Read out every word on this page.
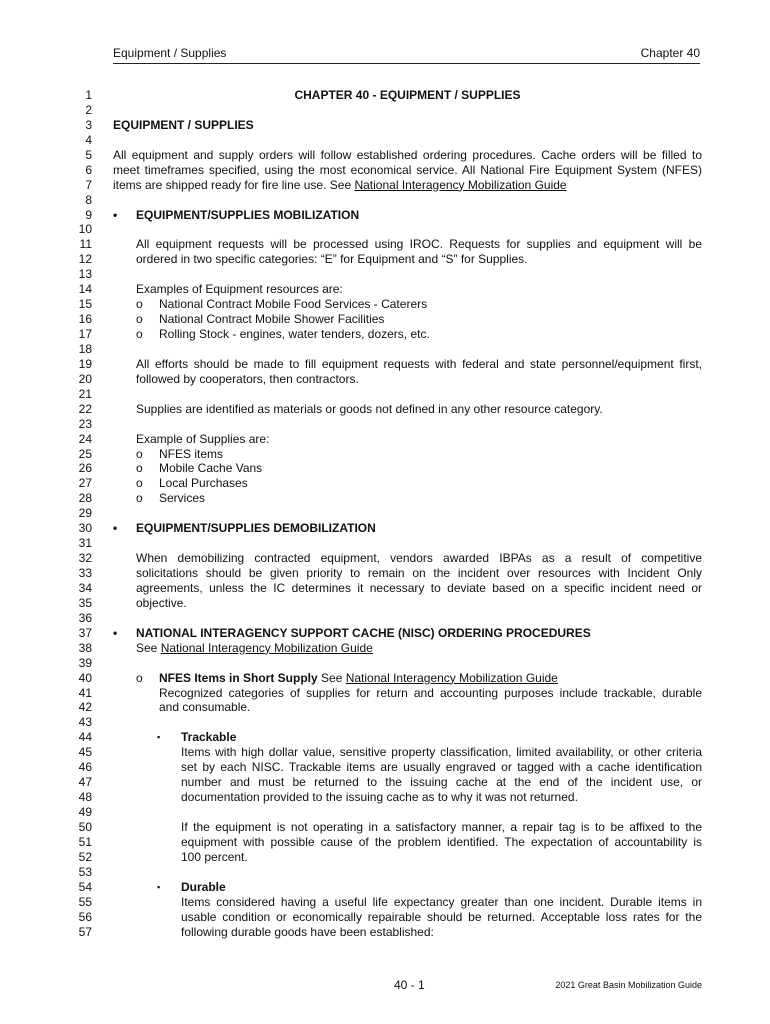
Equipment / Supplies	Chapter 40
1
2
3
4
5
6
7
8
9
10
11
12
13
14
15
16
17
18
19
20
21
22
23
24
25
26
27
28
29
30
31
32
33
34
35
36
37
38
39
40
41
42
43
44
45
46
47
48
49
50
51
52
53
54
55
56
57
CHAPTER 40 - EQUIPMENT / SUPPLIES
EQUIPMENT / SUPPLIES
All equipment and supply orders will follow established ordering procedures. Cache orders will be filled to
meet timeframes specified, using the most economical service. All National Fire Equipment System (NFES)
items are shipped ready for fire line use. See National Interagency Mobilization Guide
• EQUIPMENT/SUPPLIES MOBILIZATION
All equipment requests will be processed using IROC. Requests for supplies and equipment will be
ordered in two specific categories: “E” for Equipment and “S” for Supplies.
Examples of Equipment resources are:
o National Contract Mobile Food Services - Caterers
o National Contract Mobile Shower Facilities
o Rolling Stock - engines, water tenders, dozers, etc.
All efforts should be made to fill equipment requests with federal and state personnel/equipment first,
followed by cooperators, then contractors.
Supplies are identified as materials or goods not defined in any other resource category.
Example of Supplies are:
o NFES items
o Mobile Cache Vans
o Local Purchases
o Services
• EQUIPMENT/SUPPLIES DEMOBILIZATION
When demobilizing contracted equipment, vendors awarded IBPAs as a result of competitive
solicitations should be given priority to remain on the incident over resources with Incident Only
agreements, unless the IC determines it necessary to deviate based on a specific incident need or
objective.
• NATIONAL INTERAGENCY SUPPORT CACHE (NISC) ORDERING PROCEDURES
See National Interagency Mobilization Guide
o NFES Items in Short Supply See National Interagency Mobilization Guide
Recognized categories of supplies for return and accounting purposes include trackable, durable
and consumable.
▪ Trackable
Items with high dollar value, sensitive property classification, limited availability, or other criteria
set by each NISC. Trackable items are usually engraved or tagged with a cache identification
number and must be returned to the issuing cache at the end of the incident use, or
documentation provided to the issuing cache as to why it was not returned.
If the equipment is not operating in a satisfactory manner, a repair tag is to be affixed to the
equipment with possible cause of the problem identified. The expectation of accountability is
100 percent.
▪ Durable
Items considered having a useful life expectancy greater than one incident. Durable items in
usable condition or economically repairable should be returned. Acceptable loss rates for the
following durable goods have been established:
40 - 1	2021 Great Basin Mobilization Guide
